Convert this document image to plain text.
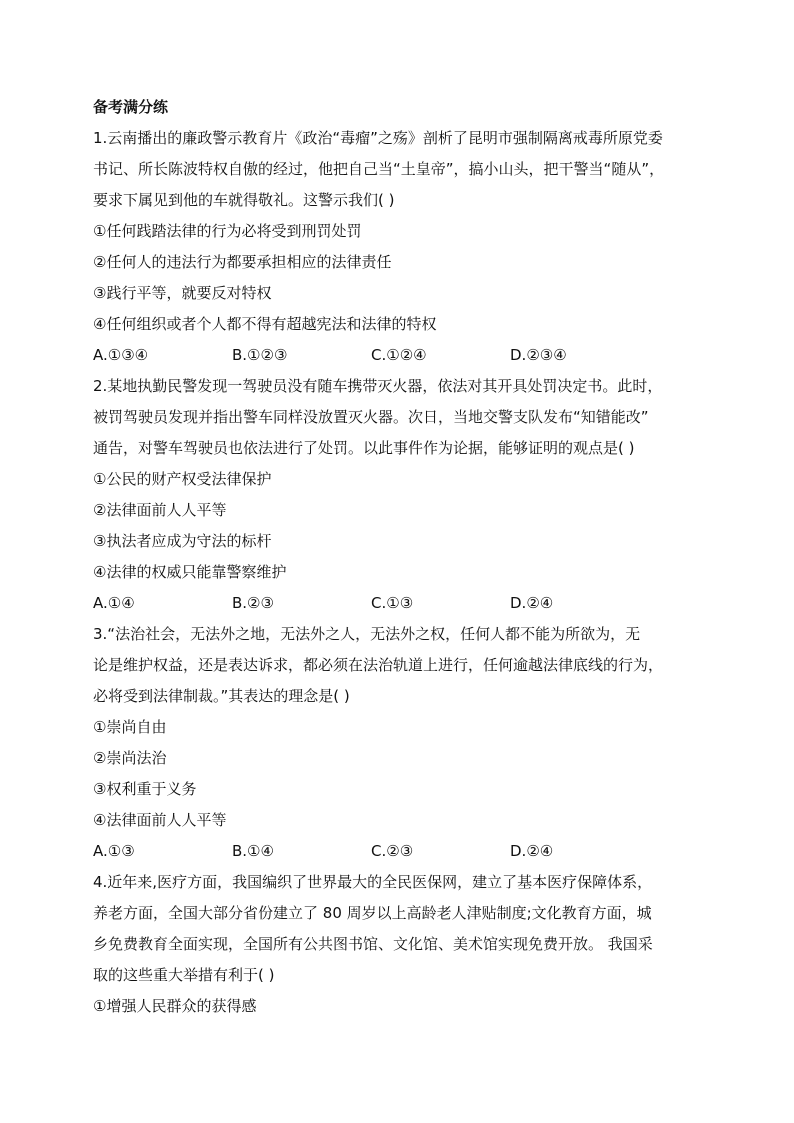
备考满分练
1.云南播出的廉政警示教育片《政治“毒瘤”之殇》剖析了昆明市强制隔离戒毒所原党委
书记、所长陈波特权自傲的经过，他把自己当“土皇帝”，搞小山头，把干警当“随从”，
要求下属见到他的车就得敬礼。这警示我们( )
①任何践踏法律的行为必将受到刑罚处罚
②任何人的违法行为都要承担相应的法律责任
③践行平等，就要反对特权
④任何组织或者个人都不得有超越宪法和法律的特权
A.①③④	B.①②③	C.①②④	D.②③④
2.某地执勤民警发现一驾驶员没有随车携带灭火器，依法对其开具处罚决定书。此时，
被罚驾驶员发现并指出警车同样没放置灭火器。次日，当地交警支队发布“知错能改”
通告，对警车驾驶员也依法进行了处罚。以此事件作为论据，能够证明的观点是( )
①公民的财产权受法律保护
②法律面前人人平等
③执法者应成为守法的标杆
④法律的权威只能靠警察维护
A.①④	B.②③	C.①③	D.②④
3.“法治社会，无法外之地，无法外之人，无法外之权，任何人都不能为所欲为，无
论是维护权益，还是表达诉求，都必须在法治轨道上进行，任何逾越法律底线的行为，
必将受到法律制裁。”其表达的理念是( )
①崇尚自由
②崇尚法治
③权利重于义务
④法律面前人人平等
A.①③	B.①④	C.②③	D.②④
4.近年来,医疗方面，我国编织了世界最大的全民医保网，建立了基本医疗保障体系，
养老方面，全国大部分省份建立了 80 周岁以上高龄老人津贴制度;文化教育方面，城
乡免费教育全面实现，全国所有公共图书馆、文化馆、美术馆实现免费开放。 我国采
取的这些重大举措有利于( )
①增强人民群众的获得感
